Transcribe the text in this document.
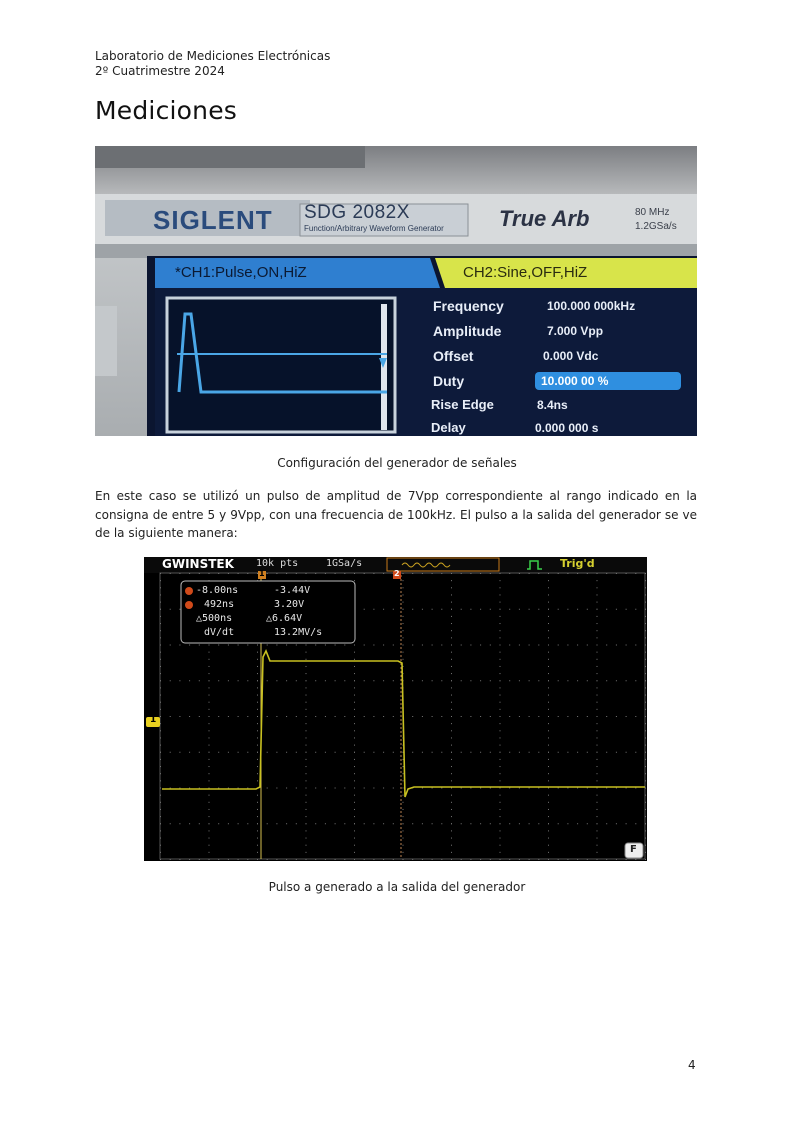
Laboratorio de Mediciones Electrónicas
2º Cuatrimestre 2024
Mediciones
SIGLENT SDG 2082X
Function/Arbitrary Waveform Generator	True Arb	80 MHz
1.2GSa/s
*CH1:Pulse,ON,HiZ	CH2:Sine,OFF,HiZ
Frequency	100.000 000kHz
Amplitude	7.000 Vpp
Offset	0.000 Vdc
Duty	10.000 00 %
Rise Edge	8.4ns
Delay	0.000 000 s
Configuración del generador de señales

En este caso se utilizó un pulso de amplitud de 7Vpp correspondiente al rango indicado en la consigna de entre 5 y 9Vpp, con una frecuencia de 100kHz. El pulso a la salida del generador se ve de la siguiente manera:

GWINSTEK 10k pts	1GSa/s	Trig'd
1	2
1
F
-8.00ns	-3.44V
492ns	3.20V
△500ns	△6.64V
dV/dt	13.2MV/s
Pulso a generado a la salida del generador
4
